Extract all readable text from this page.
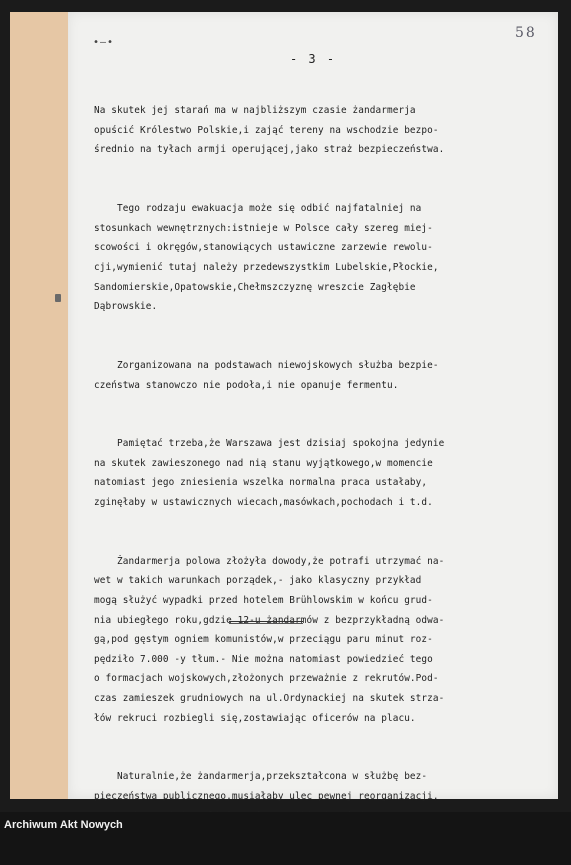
•—•
58
- 3 -

Na skutek jej starań ma w najbliższym czasie żandarmerja
opuścić Królestwo Polskie,i zająć tereny na wschodzie bezpo-
średnio na tyłach armji operującej,jako straż bezpieczeństwa.

Tego rodzaju ewakuacja może się odbić najfatalniej na
stosunkach wewnętrznych:istnieje w Polsce cały szereg miej-
scowości i okręgów,stanowiących ustawiczne zarzewie rewolu-
cji,wymienić tutaj należy przedewszystkim Lubelskie,Płockie,
Sandomierskie,Opatowskie,Chełmszczyznę wreszcie Zagłębie
Dąbrowskie.

Zorganizowana na podstawach niewojskowych służba bezpie-
czeństwa stanowczo nie podoła,i nie opanuje fermentu.

Pamiętać trzeba,że Warszawa jest dzisiaj spokojna jedynie
na skutek zawieszonego nad nią stanu wyjątkowego,w momencie
natomiast jego zniesienia wszelka normalna praca ustałaby,
zginęłaby w ustawicznych wiecach,masówkach,pochodach i t.d.

Żandarmerja polowa złożyła dowody,że potrafi utrzymać na-
wet w takich warunkach porządek,- jako klasyczny przykład
mogą służyć wypadki przed hotelem Brühlowskim w końcu grud-
nia ubiegłego roku,gdzie 12-u żandarmów z bezprzykładną odwa-
gą,pod gęstym ogniem komunistów,w przeciągu paru minut roz-
pędziło 7.000 -y tłum.- Nie można natomiast powiedzieć tego
o formacjach wojskowych,złożonych przeważnie z rekrutów.Pod-
czas zamieszek grudniowych na ul.Ordynackiej na skutek strza-
łów rekruci rozbiegli się,zostawiając oficerów na placu.

Naturalnie,że żandarmerja,przekształcona w służbę bez-
pieczeństwa publicznego,musiałaby ulec pewnej reorganizacji,

Archiwum Akt Nowych
